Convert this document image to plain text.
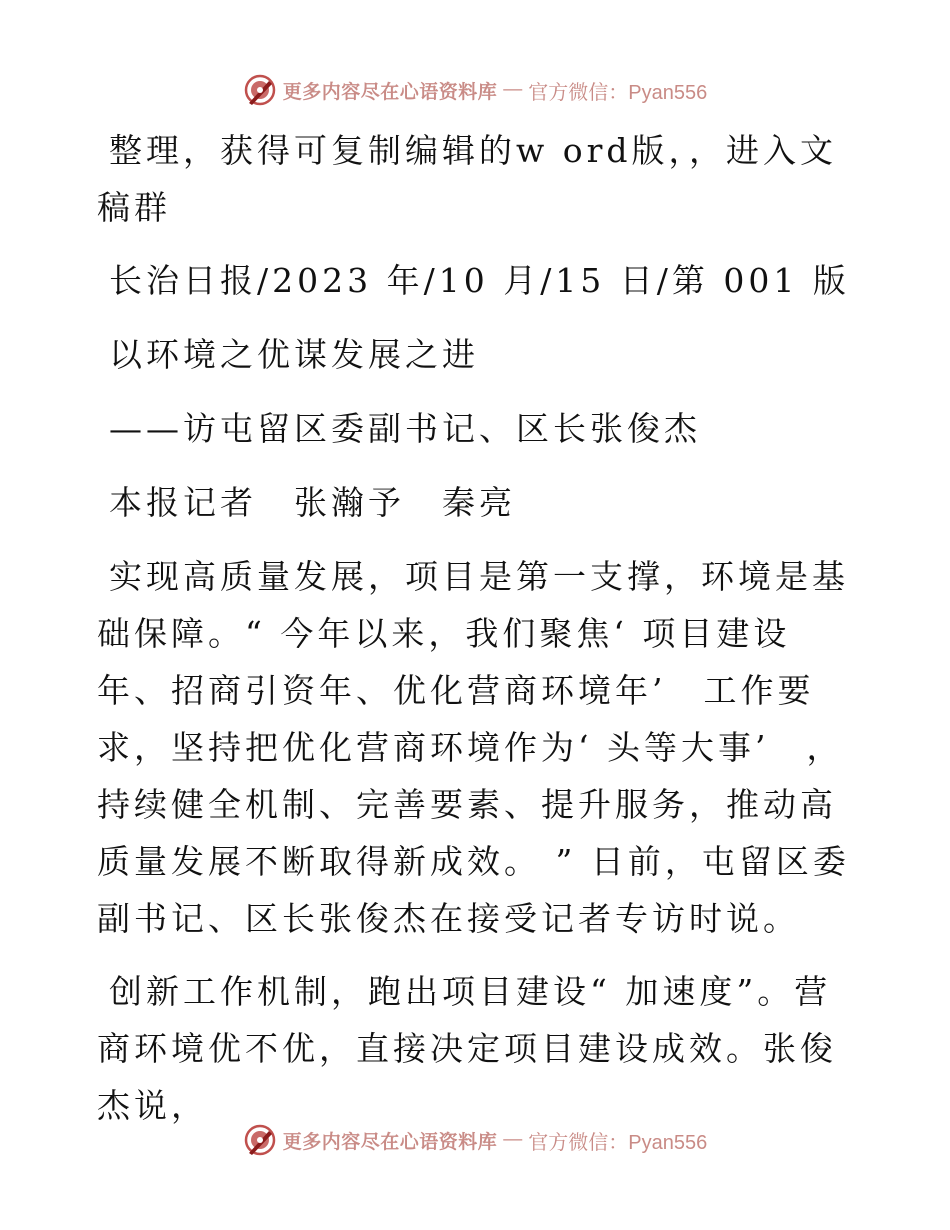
更多内容尽在心语资料库 — 官方微信：Pyan556

整理，获得可复制编辑的w ord版，，进入文稿群

长治日报/2023 年/10 月/15 日/第 001 版

以环境之优谋发展之进

——访屯留区委副书记、区长张俊杰

本报记者　张瀚予　秦亮

实现高质量发展，项目是第一支撑，环境是基础保障。“ 今年以来，我们聚焦‘ 项目建设年、招商引资年、优化营商环境年’　工作要求，坚持把优化营商环境作为‘ 头等大事’　，持续健全机制、完善要素、提升服务，推动高质量发展不断取得新成效。 ” 日前，屯留区委副书记、区长张俊杰在接受记者专访时说。

创新工作机制，跑出项目建设“ 加速度”。营商环境优不优，直接决定项目建设成效。张俊杰说，

更多内容尽在心语资料库 — 官方微信：Pyan556
